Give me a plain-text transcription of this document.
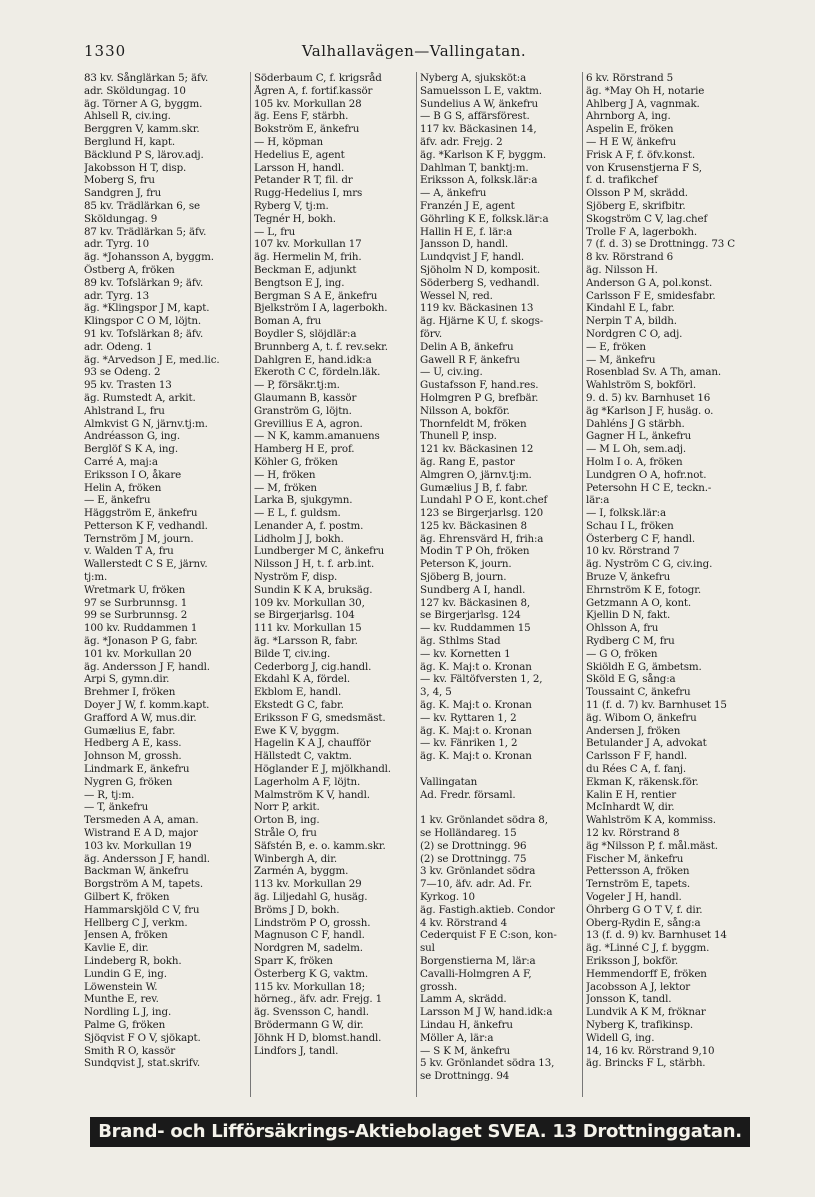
1330	Valhallavägen—Vallingatan.
83 kv. Sånglärkan 5; äfv.
adr. Sköldungag. 10
äg. Törner A G, byggm.
Ahlsell R, civ.ing.
Berggren V, kamm.skr.
Berglund H, kapt.
Bäcklund P S, lärov.adj.
Jakobsson H T, disp.
Moberg S, fru
Sandgren J, fru
85 kv. Trädlärkan 6, se
Sköldungag. 9
87 kv. Trädlärkan 5; äfv.
adr. Tyrg. 10
äg. *Johansson A, byggm.
Östberg A, fröken
89 kv. Tofslärkan 9; äfv.
adr. Tyrg. 13
äg. *Klingspor J M, kapt.
Klingspor C O M, löjtn.
91 kv. Tofslärkan 8; äfv.
adr. Odeng. 1
äg. *Arvedson J E, med.lic.
93 se Odeng. 2
95 kv. Trasten 13
äg. Rumstedt A, arkit.
Ahlstrand L, fru
Almkvist G N, järnv.tj:m.
Andréasson G, ing.
Berglöf S K A, ing.
Carré A, maj:a
Eriksson I O, åkare
Helin A, fröken
— E, änkefru
Häggström E, änkefru
Petterson K F, vedhandl.
Ternström J M, journ.
v. Walden T A, fru
Wallerstedt C S E, järnv.
tj:m.
Wretmark U, fröken
97 se Surbrunnsg. 1
99 se Surbrunnsg. 2
100 kv. Ruddammen 1
äg. *Jonason P G, fabr.
101 kv. Morkullan 20
äg. Andersson J F, handl.
Arpi S, gymn.dir.
Brehmer I, fröken
Doyer J W, f. komm.kapt.
Grafford A W, mus.dir.
Gumælius E, fabr.
Hedberg A E, kass.
Johnson M, grossh.
Lindmark E, änkefru
Nygren G, fröken
— R, tj:m.
— T, änkefru
Tersmeden A A, aman.
Wistrand E A D, major
103 kv. Morkullan 19
äg. Andersson J F, handl.
Backman W, änkefru
Borgström A M, tapets.
Gilbert K, fröken
Hammarskjöld C V, fru
Hellberg C J, verkm.
Jensen A, fröken
Kavlie E, dir.
Lindeberg R, bokh.
Lundin G E, ing.
Löwenstein W.
Munthe E, rev.
Nordling L J, ing.
Palme G, fröken
Sjöqvist F O V, sjökapt.
Smith R O, kassör
Sundqvist J, stat.skrifv.
Söderbaum C, f. krigsråd
Ågren A, f. fortif.kassör
105 kv. Morkullan 28
äg. Eens F, stärbh.
Bokström E, änkefru
— H, köpman
Hedelius E, agent
Larsson H, handl.
Petander R T, fil. dr
Rugg-Hedelius I, mrs
Ryberg V, tj:m.
Tegnér H, bokh.
— L, fru
107 kv. Morkullan 17
äg. Hermelin M, frih.
Beckman E, adjunkt
Bengtson E J, ing.
Bergman S A E, änkefru
Bjelkström I A, lagerbokh.
Boman A, fru
Boydler S, slöjdlär:a
Brunnberg A, t. f. rev.sekr.
Dahlgren E, hand.idk:a
Ekeroth C C, fördeln.läk.
— P, försäkr.tj:m.
Glaumann B, kassör
Granström G, löjtn.
Grevillius E A, agron.
— N K, kamm.amanuens
Hamberg H E, prof.
Köhler G, fröken
— H, fröken
— M, fröken
Larka B, sjukgymn.
— E L, f. guldsm.
Lenander A, f. postm.
Lidholm J J, bokh.
Lundberger M C, änkefru
Nilsson J H, t. f. arb.int.
Nyström F, disp.
Sundin K K A, bruksäg.
109 kv. Morkullan 30,
se Birgerjarlsg. 104
111 kv. Morkullan 15
äg. *Larsson R, fabr.
Bilde T, civ.ing.
Cederborg J, cig.handl.
Ekdahl K A, fördel.
Ekblom E, handl.
Ekstedt G C, fabr.
Eriksson F G, smedsmäst.
Ewe K V, byggm.
Hagelin K A J, chaufför
Hällstedt C, vaktm.
Höglander E J, mjölkhandl.
Lagerholm A F, löjtn.
Malmström K V, handl.
Norr P, arkit.
Orton B, ing.
Stråle O, fru
Säfstén B, e. o. kamm.skr.
Winbergh A, dir.
Zarmén A, byggm.
113 kv. Morkullan 29
äg. Liljedahl G, husäg.
Bröms J D, bokh.
Lindström P O, grossh.
Magnuson C F, handl.
Nordgren M, sadelm.
Sparr K, fröken
Österberg K G, vaktm.
115 kv. Morkullan 18;
hörneg., äfv. adr. Frejg. 1
äg. Svensson C, handl.
Brödermann G W, dir.
Jöhnk H D, blomst.handl.
Lindfors J, tandl.
Nyberg A, sjuksköt:a
Samuelsson L E, vaktm.
Sundelius A W, änkefru
— B G S, affärsförest.
117 kv. Bäckasinen 14,
äfv. adr. Frejg. 2
äg. *Karlson K F, byggm.
Dahlman T, banktj:m.
Eriksson A, folksk.lär:a
— A, änkefru
Franzén J E, agent
Göhrling K E, folksk.lär:a
Hallin H E, f. lär:a
Jansson D, handl.
Lundqvist J F, handl.
Sjöholm N D, komposit.
Söderberg S, vedhandl.
Wessel N, red.
119 kv. Bäckasinen 13
äg. Hjärne K U, f. skogs-
förv.
Delin A B, änkefru
Gawell R F, änkefru
— U, civ.ing.
Gustafsson F, hand.res.
Holmgren P G, brefbär.
Nilsson A, bokför.
Thornfeldt M, fröken
Thunell P, insp.
121 kv. Bäckasinen 12
äg. Rang E, pastor
Almgren O, järnv.tj:m.
Gumælius J B, f. fabr.
Lundahl P O E, kont.chef
123 se Birgerjarlsg. 120
125 kv. Bäckasinen 8
äg. Ehrensvärd H, frih:a
Modin T P Oh, fröken
Peterson K, journ.
Sjöberg B, journ.
Sundberg A I, handl.
127 kv. Bäckasinen 8,
se Birgerjarlsg. 124
— kv. Ruddammen 15
äg. Sthlms Stad
— kv. Kornetten 1
äg. K. Maj:t o. Kronan
— kv. Fältöfversten 1, 2,
3, 4, 5
äg. K. Maj:t o. Kronan
— kv. Ryttaren 1, 2
äg. K. Maj:t o. Kronan
— kv. Fänriken 1, 2
äg. K. Maj:t o. Kronan
Vallingatan
Ad. Fredr. församl.
1 kv. Grönlandet södra 8,
se Holländareg. 15
(2) se Drottningg. 96
(2) se Drottningg. 75
3 kv. Grönlandet södra
7—10, äfv. adr. Ad. Fr.
Kyrkog. 10
äg. Fastigh.aktieb. Condor
4 kv. Rörstrand 4
Cederquist F E C:son, kon-
sul
Borgenstierna M, lär:a
Cavalli-Holmgren A F,
grossh.
Lamm A, skrädd.
Larsson M J W, hand.idk:a
Lindau H, änkefru
Möller A, lär:a
— S K M, änkefru
5 kv. Grönlandet södra 13,
se Drottningg. 94
6 kv. Rörstrand 5
äg. *May Oh H, notarie
Ahlberg J A, vagnmak.
Ahrnborg A, ing.
Aspelin E, fröken
— H E W, änkefru
Frisk A F, f. öfv.konst.
von Krusenstjerna F S,
f. d. trafikchef
Olsson P M, skrädd.
Sjöberg E, skrifbitr.
Skogström C V, lag.chef
Trolle F A, lagerbokh.
7 (f. d. 3) se Drottningg. 73 C
8 kv. Rörstrand 6
äg. Nilsson H.
Anderson G A, pol.konst.
Carlsson F E, smidesfabr.
Kindahl E L, fabr.
Nerpin T A, bildh.
Nordgren C O, adj.
— E, fröken
— M, änkefru
Rosenblad Sv. A Th, aman.
Wahlström S, bokförl.
9. d. 5) kv. Barnhuset 16
äg *Karlson J F, husäg. o.
Dahléns J G stärbh.
Gagner H L, änkefru
— M L Oh, sem.adj.
Holm I o. A, fröken
Lundgren O A, hofr.not.
Petersohn H C E, teckn.-
lär:a
— I, folksk.lär:a
Schau I L, fröken
Österberg C F, handl.
10 kv. Rörstrand 7
äg. Nyström C G, civ.ing.
Bruze V, änkefru
Ehrnström K E, fotogr.
Getzmann A O, kont.
Kjellin D N, fakt.
Ohlsson A, fru
Rydberg C M, fru
— G O, fröken
Skiöldh E G, ämbetsm.
Sköld E G, sång:a
Toussaint C, änkefru
11 (f. d. 7) kv. Barnhuset 15
äg. Wibom O, änkefru
Andersen J, fröken
Betulander J A, advokat
Carlsson F F, handl.
du Rées C A, f. fanj.
Ekman K, räkensk.för.
Kalin E H, rentier
McInhardt W, dir.
Wahlström K A, kommiss.
12 kv. Rörstrand 8
äg *Nilsson P, f. mål.mäst.
Fischer M, änkefru
Pettersson A, fröken
Ternström E, tapets.
Vogeler J H, handl.
Öhrberg G O T V, f. dir.
Oberg-Rydin E, sång:a
13 (f. d. 9) kv. Barnhuset 14
äg. *Linné C J, f. byggm.
Eriksson J, bokför.
Hemmendorff E, fröken
Jacobsson A J, lektor
Jonsson K, tandl.
Lundvik A K M, fröknar
Nyberg K, trafikinsp.
Widell G, ing.
14, 16 kv. Rörstrand 9,10
äg. Brincks F L, stärbh.
Brand- och Lifförsäkrings-Aktiebolaget SVEA. 13 Drottninggatan.
